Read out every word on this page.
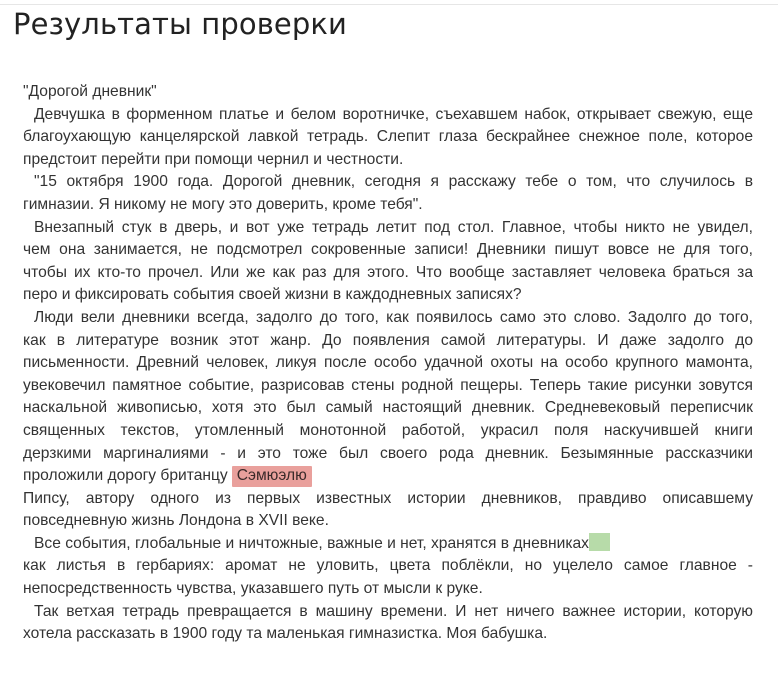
Результаты проверки
"Дорогой дневник"
Девчушка в форменном платье и белом воротничке, съехавшем набок, открывает свежую, еще
благоухающую канцелярской лавкой тетрадь. Слепит глаза бескрайнее снежное поле, которое
предстоит перейти при помощи чернил и честности.
"15 октября 1900 года. Дорогой дневник, сегодня я расскажу тебе о том, что случилось в
гимназии. Я никому не могу это доверить, кроме тебя".
Внезапный стук в дверь, и вот уже тетрадь летит под стол. Главное, чтобы никто не увидел,
чем она занимается, не подсмотрел сокровенные записи! Дневники пишут вовсе не для того,
чтобы их кто-то прочел. Или же как раз для этого. Что вообще заставляет человека браться за
перо и фиксировать события своей жизни в каждодневных записях?
Люди вели дневники всегда, задолго до того, как появилось само это слово. Задолго до того,
как в литературе возник этот жанр. До появления самой литературы. И даже задолго до
письменности. Древний человек, ликуя после особо удачной охоты на особо крупного мамонта,
увековечил памятное событие, разрисовав стены родной пещеры. Теперь такие рисунки зовутся
наскальной живописью, хотя это был самый настоящий дневник. Средневековый переписчик
священных текстов, утомленный монотонной работой, украсил поля наскучившей книги
дерзкими маргиналиями - и это тоже был своего рода дневник. Безымянные рассказчики
проложили дорогу британцу Сэмюэлю
Пипсу, автору одного из первых известных истории дневников, правдиво описавшему
повседневную жизнь Лондона в XVII веке.
Все события, глобальные и ничтожные, важные и нет, хранятся в дневниках
как листья в гербариях: аромат не уловить, цвета поблёкли, но уцелело самое главное -
непосредственность чувства, указавшего путь от мысли к руке.
Так ветхая тетрадь превращается в машину времени. И нет ничего важнее истории, которую
хотела рассказать в 1900 году та маленькая гимназистка. Моя бабушка.
